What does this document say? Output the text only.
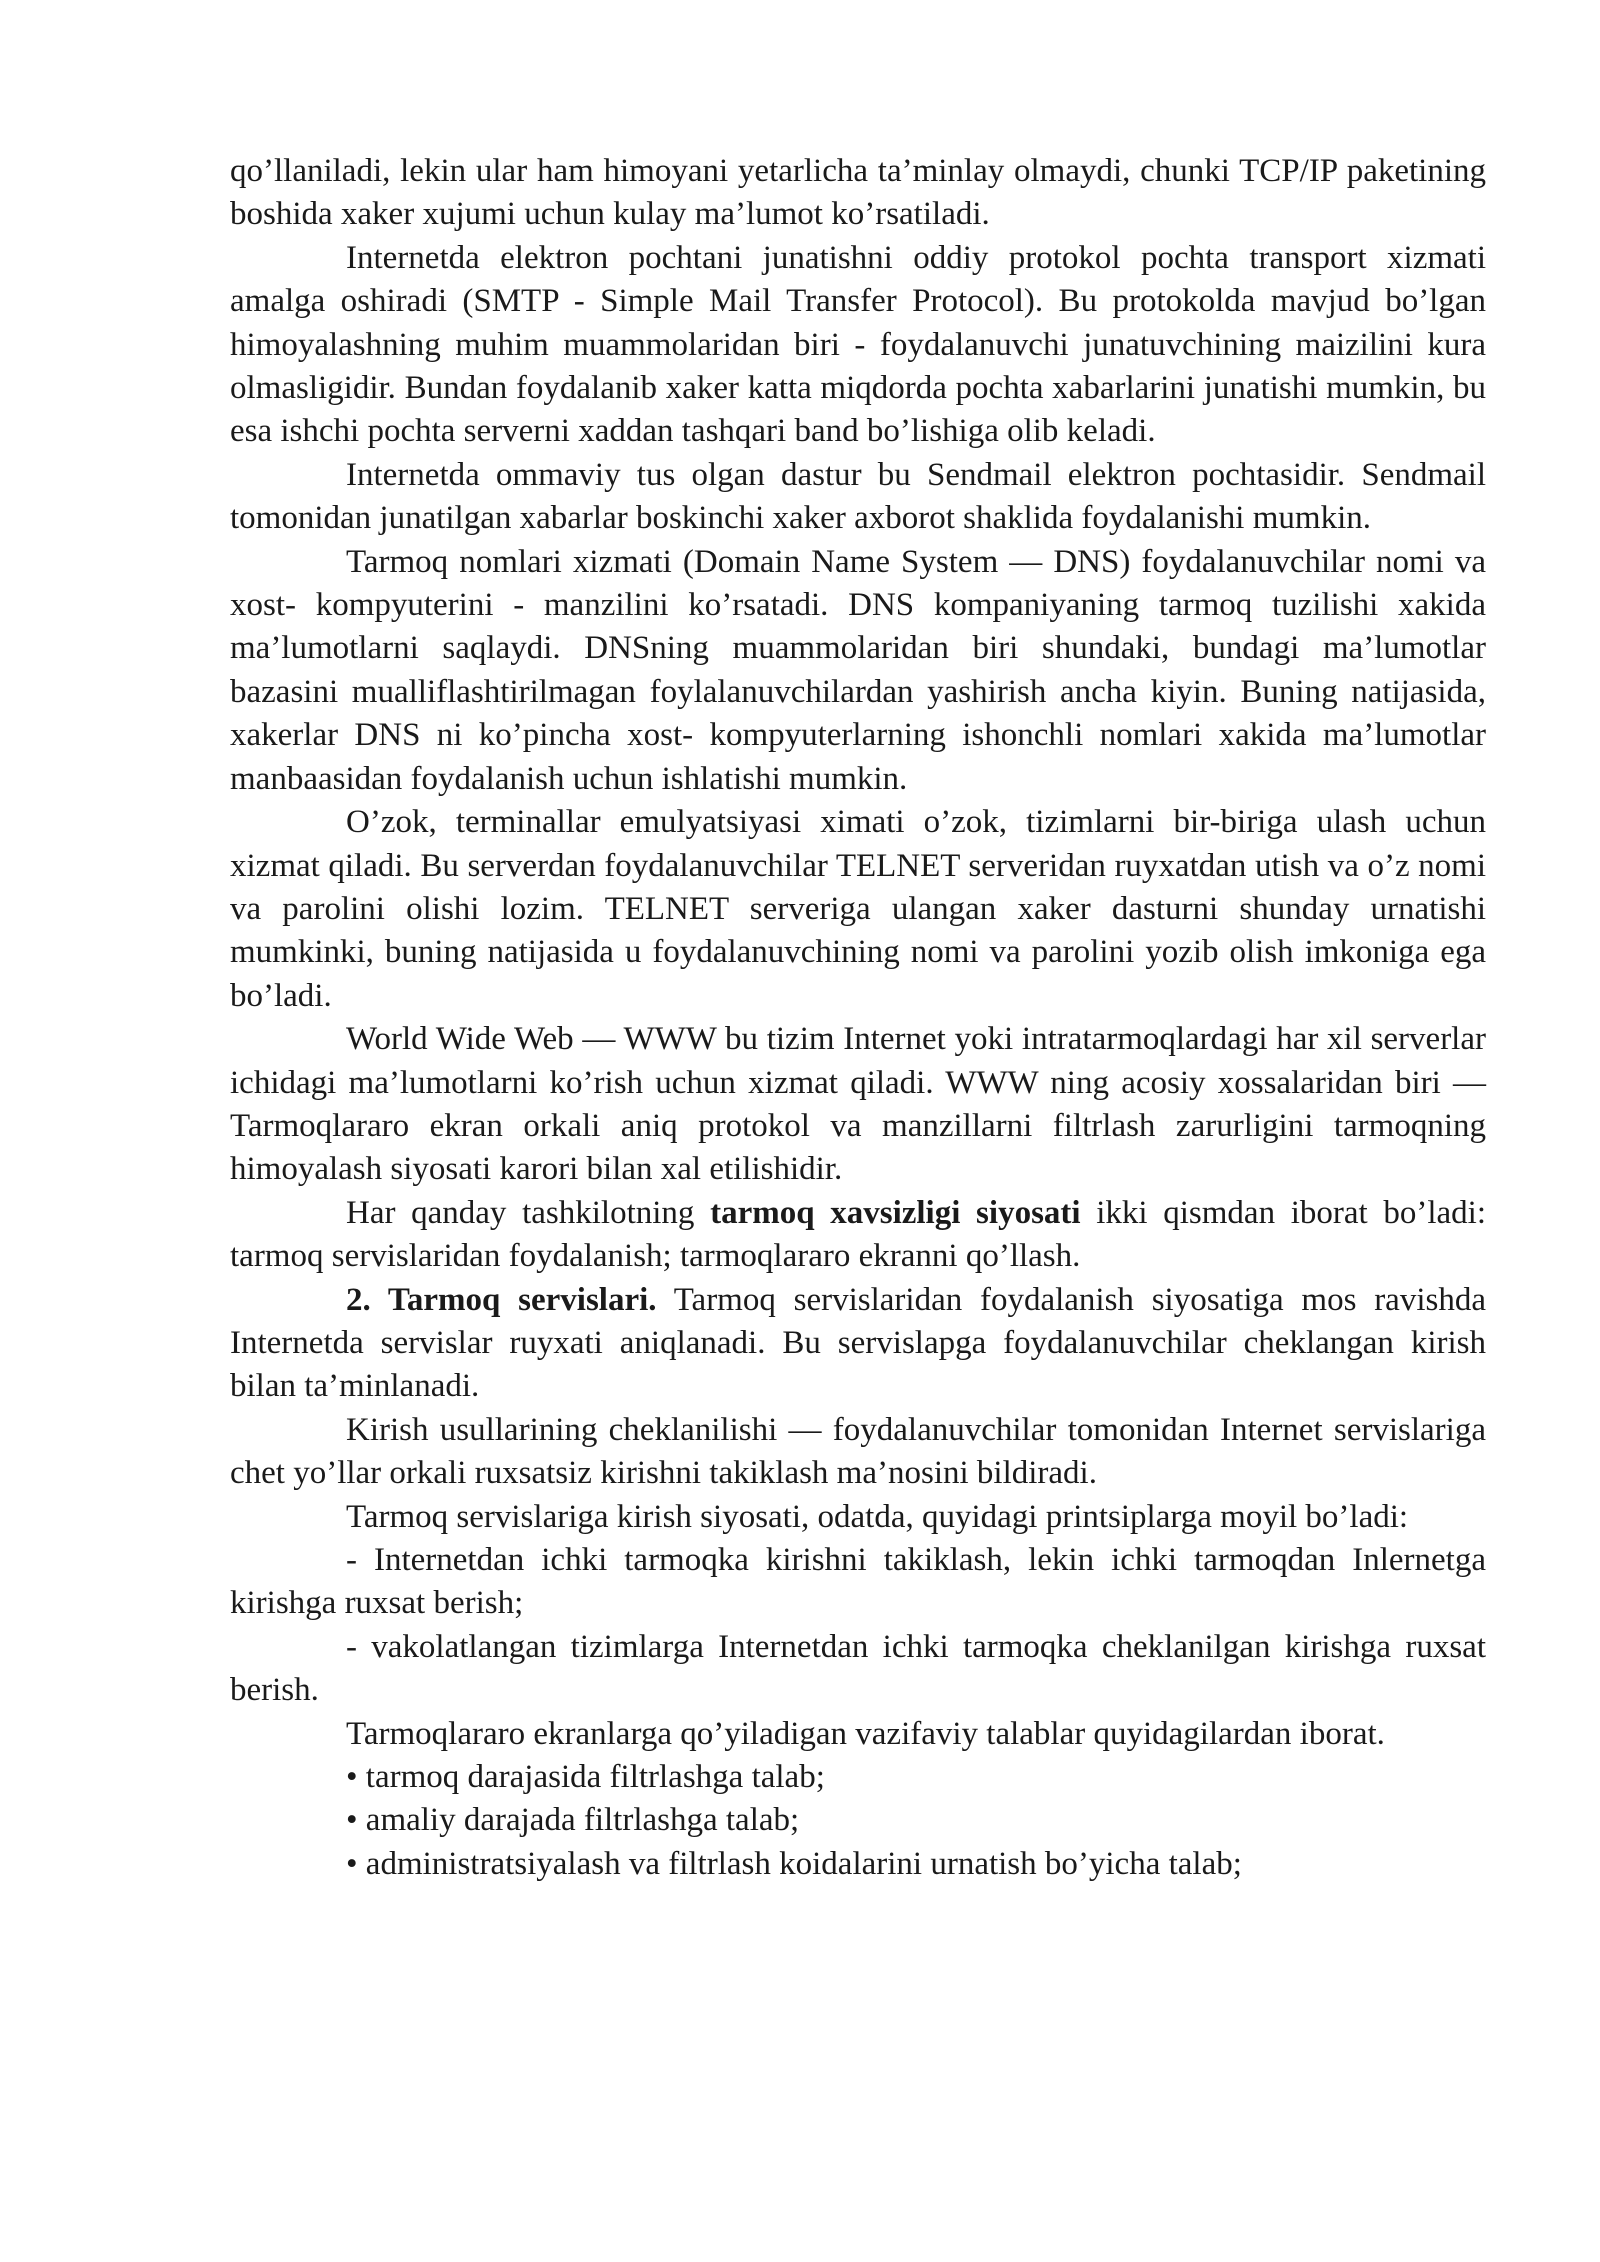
qo’llaniladi, lekin ular ham himoyani yetarlicha ta’minlay olmaydi, chunki TCP/IP paketining boshida xaker xujumi uchun kulay ma’lumot ko’rsatiladi.

Internetda elektron pochtani junatishni oddiy protokol pochta transport xizmati amalga oshiradi (SMTP - Simple Mail Transfer Protocol). Bu protokolda mavjud bo’lgan himoyalashning muhim muammolaridan biri - foydalanuvchi junatuvchining maizilini kura olmasligidir. Bundan foydalanib xaker katta miqdorda pochta xabarlarini junatishi mumkin, bu esa ishchi pochta serverni xaddan tashqari band bo’lishiga olib keladi.

Internetda ommaviy tus olgan dastur bu Sendmail elektron pochtasidir. Sendmail tomonidan junatilgan xabarlar boskinchi xaker axborot shaklida foydalanishi mumkin.

Tarmoq nomlari xizmati (Domain Name System — DNS) foydalanuvchilar nomi va xost- kompyuterini - manzilini ko’rsatadi. DNS kompaniyaning tarmoq tuzilishi xakida ma’lumotlarni saqlaydi. DNSning muammolaridan biri shundaki, bundagi ma’lumotlar bazasini mualliflashtirilmagan foylalanuvchilardan yashirish ancha kiyin. Buning natijasida, xakerlar DNS ni ko’pincha xost- kompyuterlarning ishonchli nomlari xakida ma’lumotlar manbaasidan foydalanish uchun ishlatishi mumkin.

O’zok, terminallar emulyatsiyasi ximati o’zok, tizimlarni bir-biriga ulash uchun xizmat qiladi. Bu serverdan foydalanuvchilar TELNET serveridan ruyxatdan utish va o’z nomi va parolini olishi lozim. TELNET serveriga ulangan xaker dasturni shunday urnatishi mumkinki, buning natijasida u foydalanuvchining nomi va parolini yozib olish imkoniga ega bo’ladi.

World Wide Web — WWW bu tizim Internet yoki intratarmoqlardagi har xil serverlar ichidagi ma’lumotlarni ko’rish uchun xizmat qiladi. WWW ning acosiy xossalaridan biri — Tarmoqlararo ekran orkali aniq protokol va manzillarni filtrlash zarurligini tarmoqning himoyalash siyosati karori bilan xal etilishidir.

Har qanday tashkilotning tarmoq xavsizligi siyosati ikki qismdan iborat bo’ladi: tarmoq servislaridan foydalanish; tarmoqlararo ekranni qo’llash.

2. Tarmoq servislari. Tarmoq servislaridan foydalanish siyosatiga mos ravishda Internetda servislar ruyxati aniqlanadi. Bu servislapga foydalanuvchilar cheklangan kirish bilan ta’minlanadi.

Kirish usullarining cheklanilishi — foydalanuvchilar tomonidan Internet servislariga chet yo’llar orkali ruxsatsiz kirishni takiklash ma’nosini bildiradi.

Tarmoq servislariga kirish siyosati, odatda, quyidagi printsiplarga moyil bo’ladi:

- Internetdan ichki tarmoqka kirishni takiklash, lekin ichki tarmoqdan Inlernetga kirishga ruxsat berish;

- vakolatlangan tizimlarga Internetdan ichki tarmoqka cheklanilgan kirishga ruxsat berish.

Tarmoqlararo ekranlarga qo’yiladigan vazifaviy talablar quyidagilardan iborat.

• tarmoq darajasida filtrlashga talab;

• amaliy darajada filtrlashga talab;

• administratsiyalash va filtrlash koidalarini urnatish bo’yicha talab;
